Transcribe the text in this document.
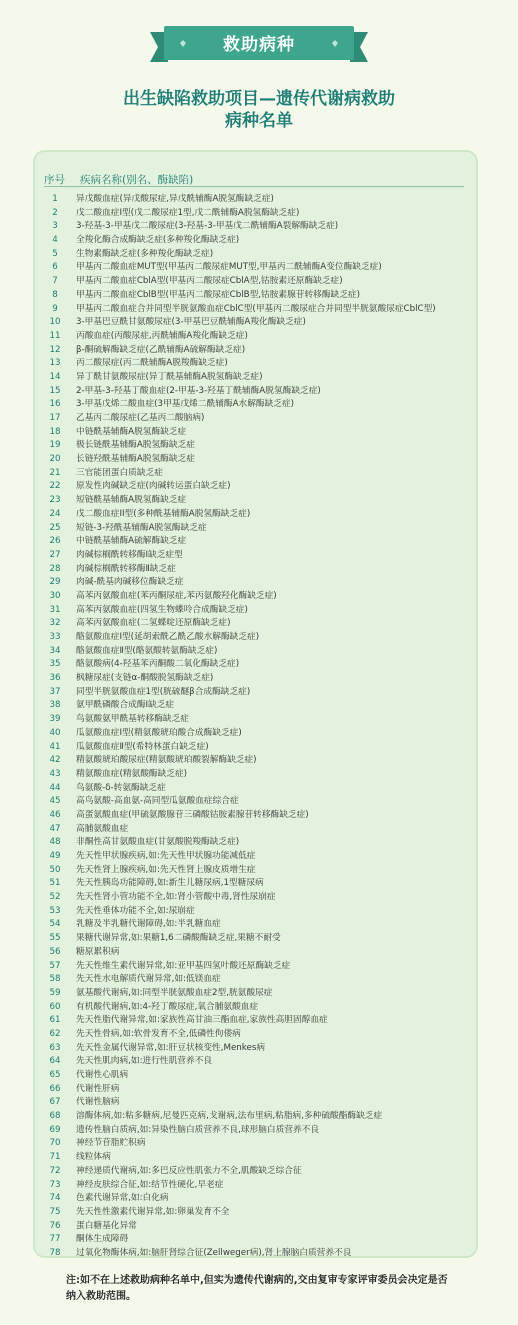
救助病种
出生缺陷救助项目—遗传代谢病救助
病种名单
序号	疾病名称(别名、酶缺陷)
1	异戊酸血症(异戊酸尿症,异戊酰辅酶A脱氢酶缺乏症)
2	戊二酸血症I型(戊二酸尿症1型,戊二酰辅酶A脱氢酶缺乏症)
3	3-羟基-3-甲基戊二酸尿症(3-羟基-3-甲基戊二酰辅酶A裂解酶缺乏症)
4	全羧化酶合成酶缺乏症(多种羧化酶缺乏症)
5	生物素酶缺乏症(多种羧化酶缺乏症)
6	甲基丙二酸血症MUT型(甲基丙二酸尿症MUT型,甲基丙二酰辅酶A变位酶缺乏症)
7	甲基丙二酸血症CblA型(甲基丙二酸尿症CblA型,钴胺素还原酶缺乏症)
8	甲基丙二酸血症CblB型(甲基丙二酸尿症CblB型,钴胺素腺苷转移酶缺乏症)
9	甲基丙二酸血症合并同型半胱氨酸血症CblC型(甲基丙二酸尿症合并同型半胱氨酸尿症CblC型)
10	3-甲基巴豆酰甘氨酸尿症(3-甲基巴豆酰辅酶A羧化酶缺乏症)
11	丙酸血症(丙酸尿症,丙酰辅酶A羧化酶缺乏症)
12	β-酮硫解酶缺乏症(乙酰辅酶A硫解酶缺乏症)
13	丙二酸尿症(丙二酰辅酶A脱羧酶缺乏症)
14	异丁酰甘氨酸尿症(异丁酰基辅酶A脱氢酶缺乏症)
15	2-甲基-3-羟基丁酸血症(2-甲基-3-羟基丁酰辅酶A脱氢酶缺乏症)
16	3-甲基戊烯二酸血症(3甲基戊烯二酰辅酶A水解酶缺乏症)
17	乙基丙二酸尿症(乙基丙二酸脑病)
18	中链酰基辅酶A脱氢酶缺乏症
19	极长链酰基辅酶A脱氢酶缺乏症
20	长链羟酰基辅酶A脱氢酶缺乏症
21	三官能团蛋白质缺乏症
22	原发性肉碱缺乏症(肉碱转运蛋白缺乏症)
23	短链酰基辅酶A脱氢酶缺乏症
24	戊二酸血症II型(多种酰基辅酶A脱氢酶缺乏症)
25	短链-3-羟酰基辅酶A脱氢酶缺乏症
26	中链酰基辅酶A硫解酶缺乏症
27	肉碱棕榈酰转移酶Ⅰ缺乏症型
28	肉碱棕榈酰转移酶Ⅱ缺乏症
29	肉碱-酰基肉碱移位酶缺乏症
30	高苯丙氨酸血症(苯丙酮尿症,苯丙氨酸羟化酶缺乏症)
31	高苯丙氨酸血症(四氢生物蝶呤合成酶缺乏症)
32	高苯丙氨酸血症(二氢蝶啶还原酶缺乏症)
33	酪氨酸血症Ⅰ型(延胡索酰乙酰乙酸水解酶缺乏症)
34	酪氨酸血症Ⅱ型(酪氨酸转氨酶缺乏症)
35	酪氨酸病(4-羟基苯丙酮酸二氧化酶缺乏症)
36	枫糖尿症(支链α-酮酸脱氢酶缺乏症)
37	同型半胱氨酸血症1型(胱硫醚β合成酶缺乏症)
38	氨甲酰磷酸合成酶Ⅰ缺乏症
39	鸟氨酸氨甲酰基转移酶缺乏症
40	瓜氨酸血症Ⅰ型(精氨酸琥珀酸合成酶缺乏症)
41	瓜氨酸血症Ⅱ型(希特林蛋白缺乏症)
42	精氨酸琥珀酸尿症(精氨酸琥珀酸裂解酶缺乏症)
43	精氨酸血症(精氨酸酶缺乏症)
44	鸟氨酸-δ-转氨酶缺乏症
45	高鸟氨酸-高血氨-高同型瓜氨酸血症综合症
46	高蛋氨酸血症(甲硫氨酸腺苷三磷酸钴胺素腺苷转移酶缺乏症)
47	高脯氨酸血症
48	非酮性高甘氨酸血症(甘氨酸脱羧酶缺乏症)
49	先天性甲状腺疾病,如:先天性甲状腺功能减低症
50	先天性肾上腺疾病,如:先天性肾上腺皮质增生症
51	先天性胰岛功能障碍,如:新生儿糖尿病,1型糖尿病
52	先天性肾小管功能不全,如:肾小管酸中毒,肾性尿崩症
53	先天性垂体功能不全,如:尿崩症
54	乳糖及半乳糖代谢障碍,如:半乳糖血症
55	果糖代谢异常,如:果糖1,6二磷酸酶缺乏症,果糖不耐受
56	糖原累积病
57	先天性维生素代谢异常,如:亚甲基四氢叶酸还原酶缺乏症
58	先天性水电解质代谢异常,如:低镁血症
59	氨基酸代谢病,如:同型半胱氨酸血症2型,胱氨酸尿症
60	有机酸代谢病,如:4-羟丁酸尿症,氧合脯氨酸血症
61	先天性脂代谢异常,如:家族性高甘油三酯血症,家族性高胆固醇血症
62	先天性骨病,如:软骨发育不全,低磷性佝偻病
63	先天性金属代谢异常,如:肝豆状核变性,Menkes病
64	先天性肌肉病,如:进行性肌营养不良
65	代谢性心肌病
66	代谢性肝病
67	代谢性脑病
68	溶酶体病,如:粘多糖病,尼曼匹克病,戈谢病,法布里病,粘脂病,多种硫酸酯酶缺乏症
69	遗传性脑白质病,如:异染性脑白质营养不良,球形脑白质营养不良
70	神经节苷脂贮积病
71	线粒体病
72	神经递质代谢病,如:多巴反应性肌张力不全,肌酸缺乏综合征
73	神经皮肤综合征,如:结节性硬化,早老症
74	色素代谢异常,如:白化病
75	先天性性激素代谢异常,如:卵巢发育不全
76	蛋白糖基化异常
77	酮体生成障碍
78	过氧化物酶体病,如:脑肝肾综合征(Zellweger病),肾上腺脑白质营养不良
注:如不在上述救助病种名单中,但实为遗传代谢病的,交由复审专家评审委员会决定是否纳入救助范围。
